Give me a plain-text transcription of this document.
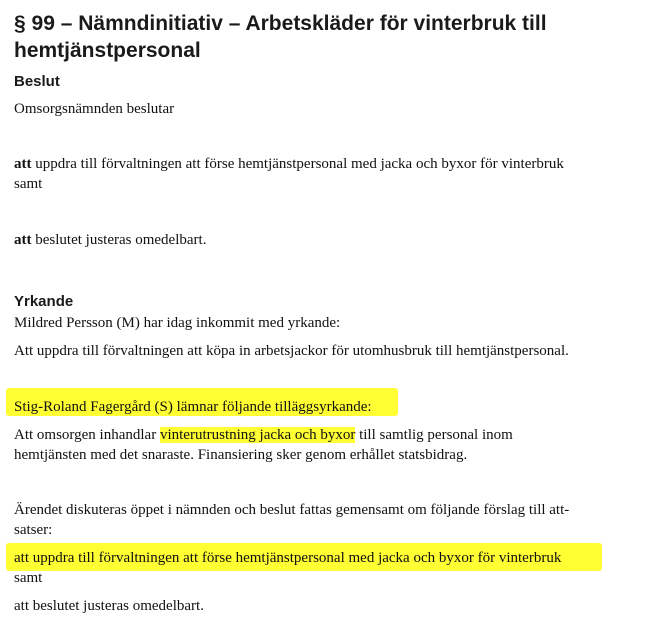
§ 99 – Nämndinitiativ – Arbetskläder för vinterbruk till hemtjänstpersonal
Beslut

Omsorgsnämnden beslutar

att uppdra till förvaltningen att förse hemtjänstpersonal med jacka och byxor för vinterbruk
samt

att beslutet justeras omedelbart.

Yrkande

Mildred Persson (M) har idag inkommit med yrkande:

Att uppdra till förvaltningen att köpa in arbetsjackor för utomhusbruk till hemtjänstpersonal.

Stig-Roland Fagergård (S) lämnar följande tilläggsyrkande:

Att omsorgen inhandlar vinterutrustning jacka och byxor till samtlig personal inom
hemtjänsten med det snaraste. Finansiering sker genom erhållet statsbidrag.

Ärendet diskuteras öppet i nämnden och beslut fattas gemensamt om följande förslag till att-
satser:

att uppdra till förvaltningen att förse hemtjänstpersonal med jacka och byxor för vinterbruk
samt

att beslutet justeras omedelbart.
